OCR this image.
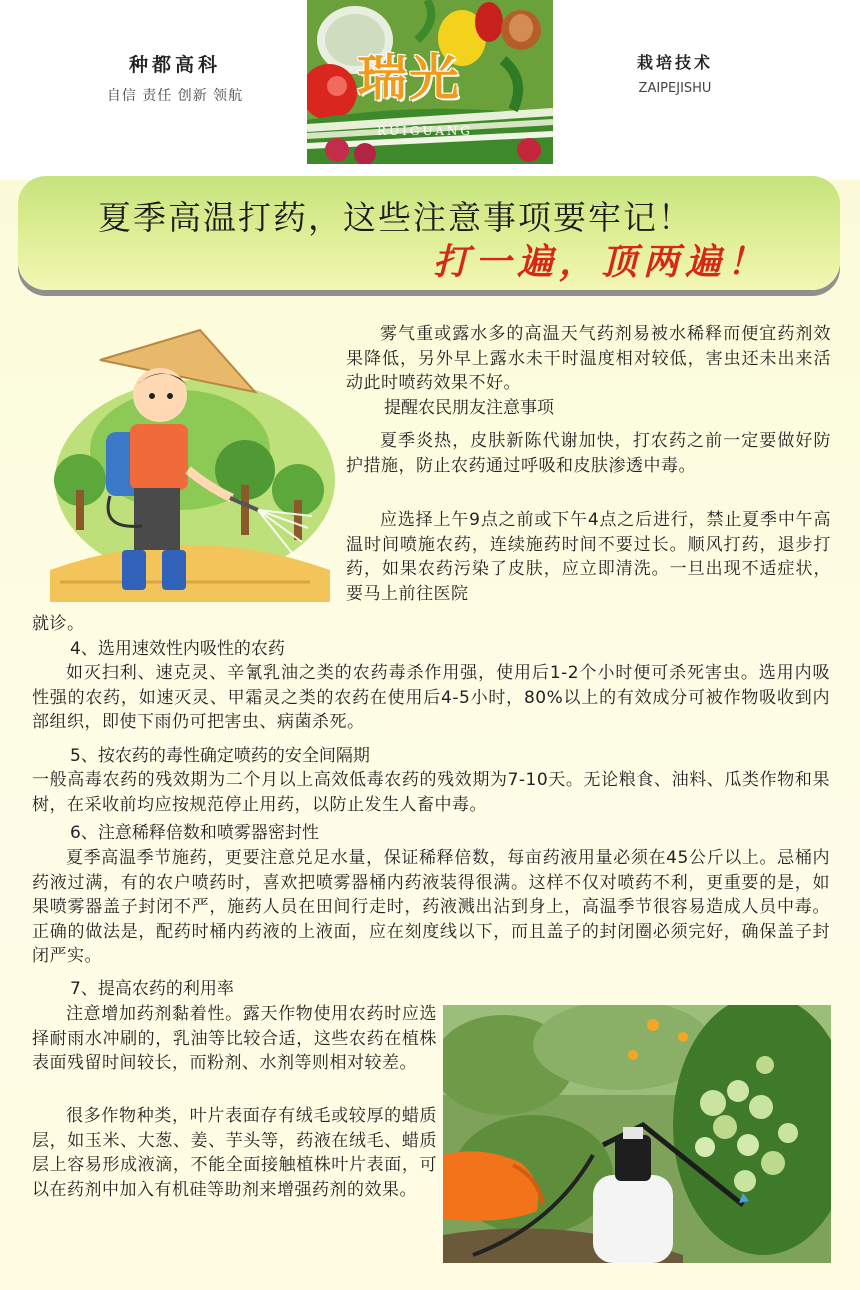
种都高科
自信 责任 创新 领航	瑞光
RUIGUANG
栽培技术
ZAIPEJISHU
夏季高温打药，这些注意事项要牢记！
打一遍，顶两遍！
雾气重或露水多的高温天气药剂易被水稀释而便宜药剂效果降低，另外早上露水未干时温度相对较低，害虫还未出来活动此时喷药效果不好。
提醒农民朋友注意事项
夏季炎热，皮肤新陈代谢加快，打农药之前一定要做好防护措施，防止农药通过呼吸和皮肤渗透中毒。
应选择上午9点之前或下午4点之后进行，禁止夏季中午高温时间喷施农药，连续施药时间不要过长。顺风打药，退步打药，如果农药污染了皮肤，应立即清洗。一旦出现不适症状，要马上前往医院
就诊。
4、选用速效性内吸性的农药
如灭扫利、速克灵、辛氰乳油之类的农药毒杀作用强，使用后1-2个小时便可杀死害虫。选用内吸性强的农药，如速灭灵、甲霜灵之类的农药在使用后4-5小时，80%以上的有效成分可被作物吸收到内部组织，即使下雨仍可把害虫、病菌杀死。
5、按农药的毒性确定喷药的安全间隔期
一般高毒农药的残效期为二个月以上高效低毒农药的残效期为7-10天。无论粮食、油料、瓜类作物和果树，在采收前均应按规范停止用药，以防止发生人畜中毒。
6、注意稀释倍数和喷雾器密封性
夏季高温季节施药，更要注意兑足水量，保证稀释倍数，每亩药液用量必须在45公斤以上。忌桶内药液过满，有的农户喷药时，喜欢把喷雾器桶内药液装得很满。这样不仅对喷药不利，更重要的是，如果喷雾器盖子封闭不严，施药人员在田间行走时，药液溅出沾到身上，高温季节很容易造成人员中毒。正确的做法是，配药时桶内药液的上液面，应在刻度线以下，而且盖子的封闭圈必须完好，确保盖子封闭严实。
7、提高农药的利用率
注意增加药剂黏着性。露天作物使用农药时应选择耐雨水冲刷的，乳油等比较合适，这些农药在植株表面残留时间较长，而粉剂、水剂等则相对较差。
很多作物种类，叶片表面存有绒毛或较厚的蜡质层，如玉米、大葱、姜、芋头等，药液在绒毛、蜡质层上容易形成液滴，不能全面接触植株叶片表面，可以在药剂中加入有机硅等助剂来增强药剂的效果。
